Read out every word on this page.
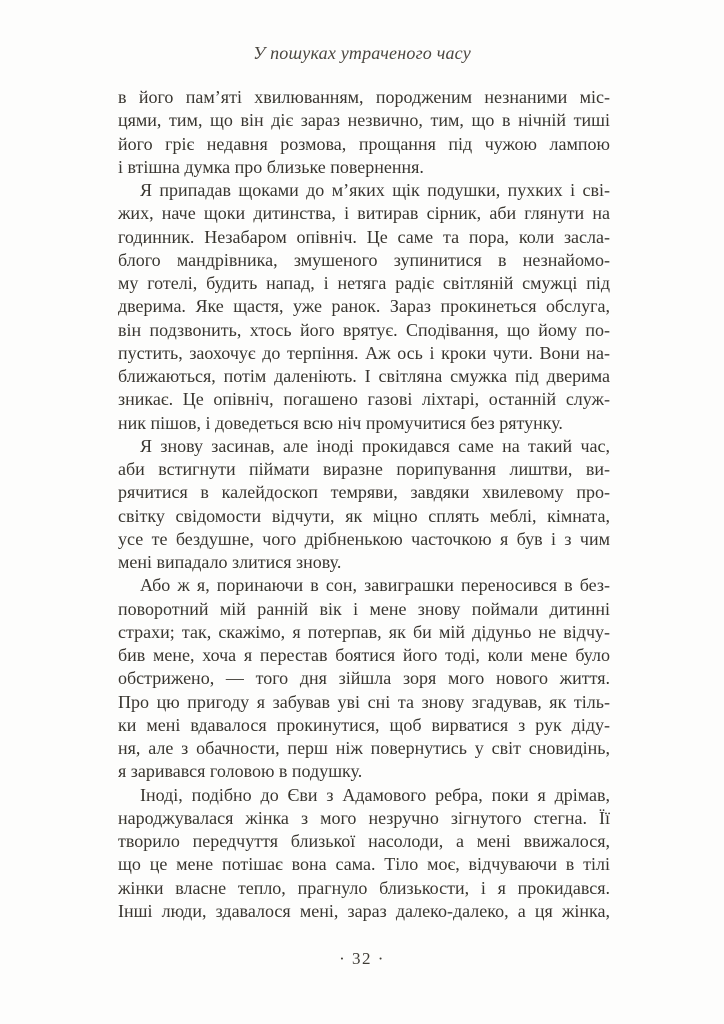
У пошуках утраченого часу
в його пам’яті хвилюванням, породженим незнаними міс-
цями, тим, що він діє зараз незвично, тим, що в нічній тиші
його гріє недавня розмова, прощання під чужою лампою
і втішна думка про близьке повернення.
Я припадав щоками до м’яких щік подушки, пухких і сві-
жих, наче щоки дитинства, і витирав сірник, аби глянути на
годинник. Незабаром опівніч. Це саме та пора, коли засла-
блого мандрівника, змушеного зупинитися в незнайомо-
му готелі, будить напад, і нетяга радіє світляній смужці під
дверима. Яке щастя, уже ранок. Зараз прокинеться обслуга,
він подзвонить, хтось його врятує. Сподівання, що йому по-
пустить, заохочує до терпіння. Аж ось і кроки чути. Вони на-
ближаються, потім даленіють. І світляна смужка під дверима
зникає. Це опівніч, погашено газові ліхтарі, останній служ-
ник пішов, і доведеться всю ніч промучитися без рятунку.
Я знову засинав, але іноді прокидався саме на такий час,
аби встигнути піймати виразне порипування лиштви, ви-
рячитися в калейдоскоп темряви, завдяки хвилевому про-
світку свідомости відчути, як міцно сплять меблі, кімната,
усе те бездушне, чого дрібненькою часточкою я був і з чим
мені випадало злитися знову.
Або ж я, поринаючи в сон, завиграшки переносився в без-
поворотний мій ранній вік і мене знову поймали дитинні
страхи; так, скажімо, я потерпав, як би мій дідуньо не відчу-
бив мене, хоча я перестав боятися його тоді, коли мене було
обстрижено, — того дня зійшла зоря мого нового життя.
Про цю пригоду я забував уві сні та знову згадував, як тіль-
ки мені вдавалося прокинутися, щоб вирватися з рук діду-
ня, але з обачности, перш ніж повернутись у світ сновидінь,
я заривався головою в подушку.
Іноді, подібно до Єви з Адамового ребра, поки я дрімав,
народжувалася жінка з мого незручно зігнутого стегна. Її
творило передчуття близької насолоди, а мені ввижалося,
що це мене потішає вона сама. Тіло моє, відчуваючи в тілі
жінки власне тепло, прагнуло близькости, і я прокидався.
Інші люди, здавалося мені, зараз далеко-далеко, а ця жінка,
· 32 ·
